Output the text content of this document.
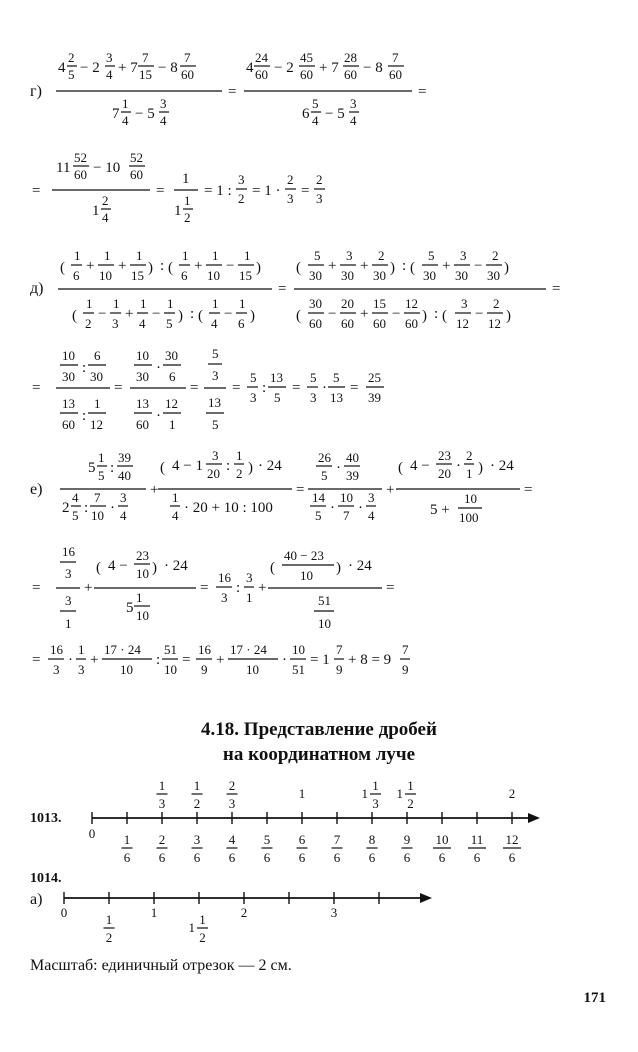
г)
4
2
5 − 2
3
4 + 7
7
15 − 8
7
60
7
1
4 − 5
3
4
=
4
24
60 − 2
45
60 + 7
28
60 − 8
7
60
6
5
4 − 5
3
4
=
=
11
52
60 − 10
52
60
1
2
4
=
1
1
1
2
= 1 :
3
2 = 1 ·
2
3 =
2
3
д)
(
1
6
+
1
10
+
1
15 ) : (
1
6
+
1
10
−
1
15 )
(
1
2
−
1
3
+
1
4
−
1
5 ) : (
1
4
−
1
6 )
=
(
5
30
+
3
30
+
2
30 ) : (
5
30
+
3
30
−
2
30 )
(
30
60
−
20
60
+
15
60
−
12
60 ) : (
3
12
−
2
12 )
=
=
10
30
:
6
30
13
60
:
1
12
=
10
30
·
30
6
13
60
·
12
1
=
5
3
13
5
=
5
3
:
13
5
=
5
3
·
5
13
=
25
39
е)
5
1
5 :
39
40
2
4
5 :
7
10 ·
3
4
+
( 4 − 1
3
20 :
1
2 ) · 24
1
4 · 20 + 10 : 100
=
26
5 ·
40
39
14
5 ·
10
7 ·
3
4
+
( 4 −
23
20 ·
2
1 ) · 24
5 +
10
100
=
=
16
3
3
1
+
( 4 −
23
10 ) · 24
5
1
10
=
16
3
:
3
1
+
(
40 − 23
10 ) · 24
51
10
=
=
16
3
·
1
3
+
17 · 24
10
:
51
10
=
16
9
+
17 · 24
10
·
10
51
= 1
7
9
+ 8 = 9
7
9
4.18. Представление дробей
на координатном луче
1013.
0 1
6
2
6
3
6
4
6
5
6
6
6
7
6
8
6
9
6
10
6
11
6
12
6
1
3
1
2
2
3
1	1
1
3
1
1
2
2
1014.
а)
0	1	2	3
1
2
1
1
2
Масштаб: единичный отрезок — 2 см.
171
